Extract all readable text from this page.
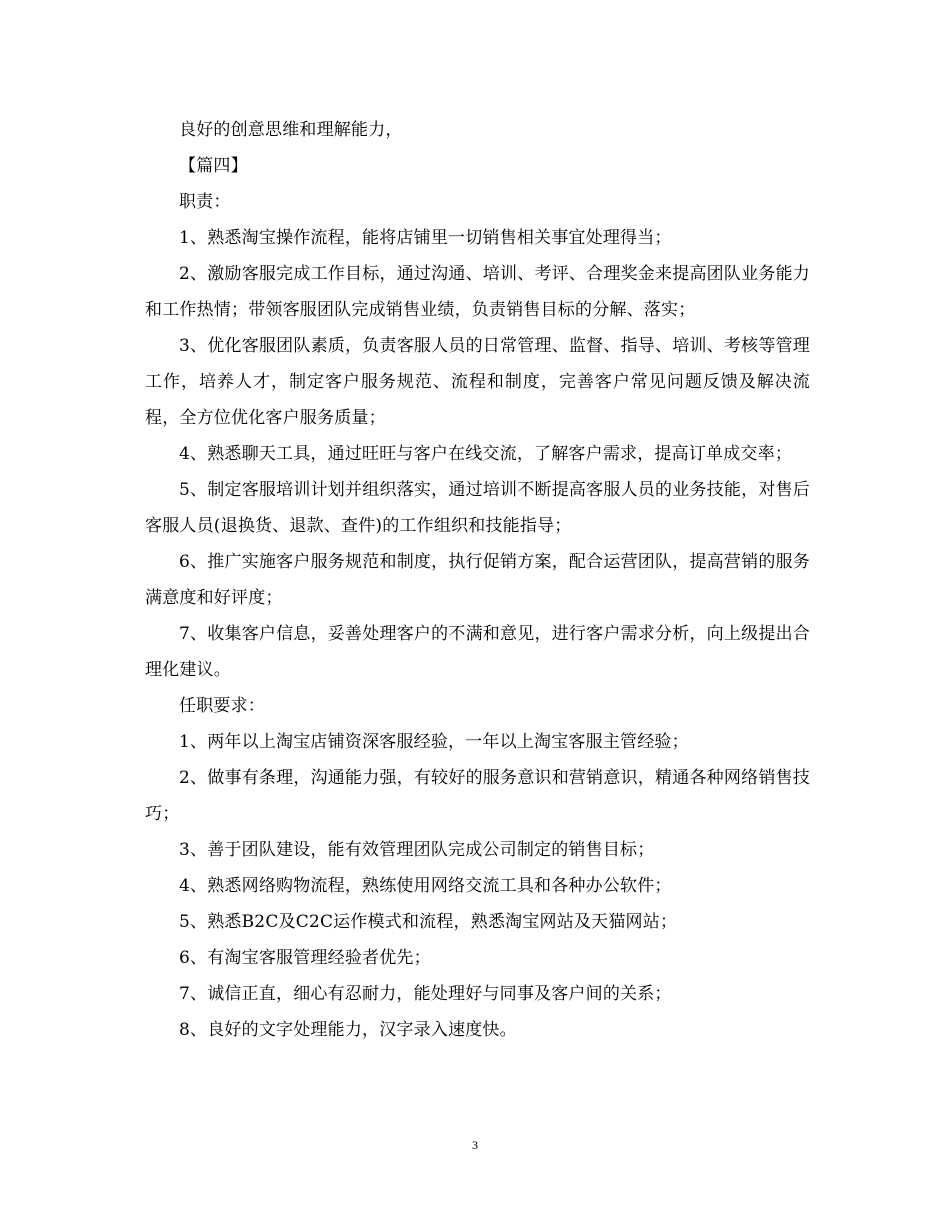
良好的创意思维和理解能力，

【篇四】

职责：

1、熟悉淘宝操作流程，能将店铺里一切销售相关事宜处理得当；

2、激励客服完成工作目标，通过沟通、培训、考评、合理奖金来提高团队业务能力和工作热情；带领客服团队完成销售业绩，负责销售目标的分解、落实；

3、优化客服团队素质，负责客服人员的日常管理、监督、指导、培训、考核等管理工作，培养人才，制定客户服务规范、流程和制度，完善客户常见问题反馈及解决流程，全方位优化客户服务质量；

4、熟悉聊天工具，通过旺旺与客户在线交流，了解客户需求，提高订单成交率；

5、制定客服培训计划并组织落实，通过培训不断提高客服人员的业务技能，对售后客服人员(退换货、退款、查件)的工作组织和技能指导；

6、推广实施客户服务规范和制度，执行促销方案，配合运营团队，提高营销的服务满意度和好评度；

7、收集客户信息，妥善处理客户的不满和意见，进行客户需求分析，向上级提出合理化建议。

任职要求：

1、两年以上淘宝店铺资深客服经验，一年以上淘宝客服主管经验；

2、做事有条理，沟通能力强，有较好的服务意识和营销意识，精通各种网络销售技巧；

3、善于团队建设，能有效管理团队完成公司制定的销售目标；

4、熟悉网络购物流程，熟练使用网络交流工具和各种办公软件；

5、熟悉B2C及C2C运作模式和流程，熟悉淘宝网站及天猫网站；

6、有淘宝客服管理经验者优先；

7、诚信正直，细心有忍耐力，能处理好与同事及客户间的关系；

8、良好的文字处理能力，汉字录入速度快。

3
